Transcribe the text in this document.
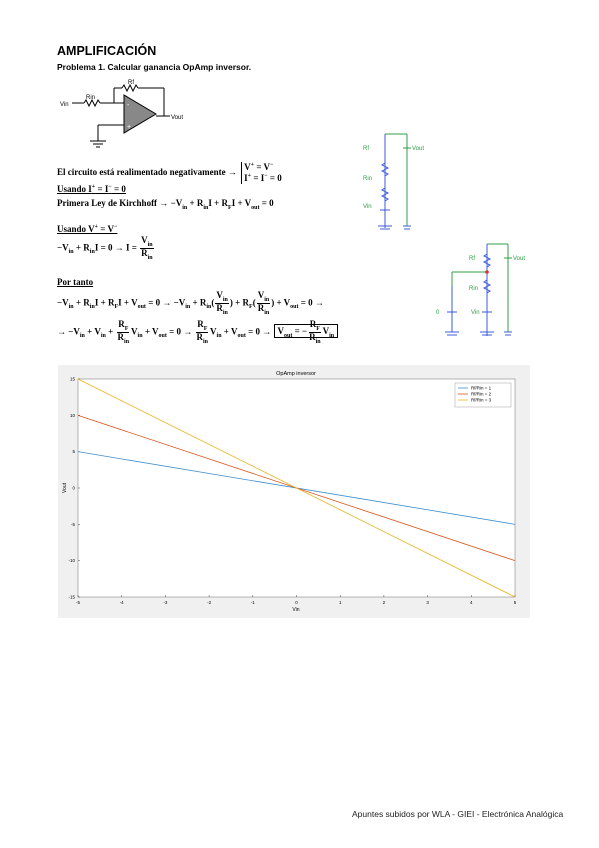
AMPLIFICACIÓN
Problema 1. Calcular ganancia OpAmp inversor.
-
+
Vin
Rin
Rf
Vout
Rf
Rin
Vin
Vout
Rf
Rin
Vin
0
Vout
El circuito está realimentado negativamente → V+ = V−
I+ = I− = 0
Usando I+ = I− = 0
Primera Ley de Kirchhoff → $-V_{in} + R_{in}I + R_FI + V_{out} = 0$
Usando V+ = V−
$-V_{in} + R_{in}I = 0 \to I = \frac{V_{in}}{R_{in}}$
Por tanto
$-V_{in} + R_{in}I + R_FI + V_{out} = 0 \to -V_{in} + R_{in}( \frac{V_{in}}{R_{in}}$ ) + $R_F( \frac{V_{in}}{R_{in}}$ ) + $V_{out} = 0$ →
→ $-V_{in} + V_{in} + \frac{R_F}{R_{in}} V_{in} + V_{out} = 0 \to \frac{R_F}{R_{in}} V_{in} + V_{out} = 0 \to V_{out}$ = − $\frac{R_F}{R_{in}} V_{in}$
OpAmp inversor
Vin
Vout
-5	-4	-3	-2	-1	0	1	2	3	4	5
-15
-10
-5
0
5
10
15
Rf/Rin = 1
Rf/Rin = 2
Rf/Rin = 3
Apuntes subidos por WLA - GIEI - Electrónica Analógica
